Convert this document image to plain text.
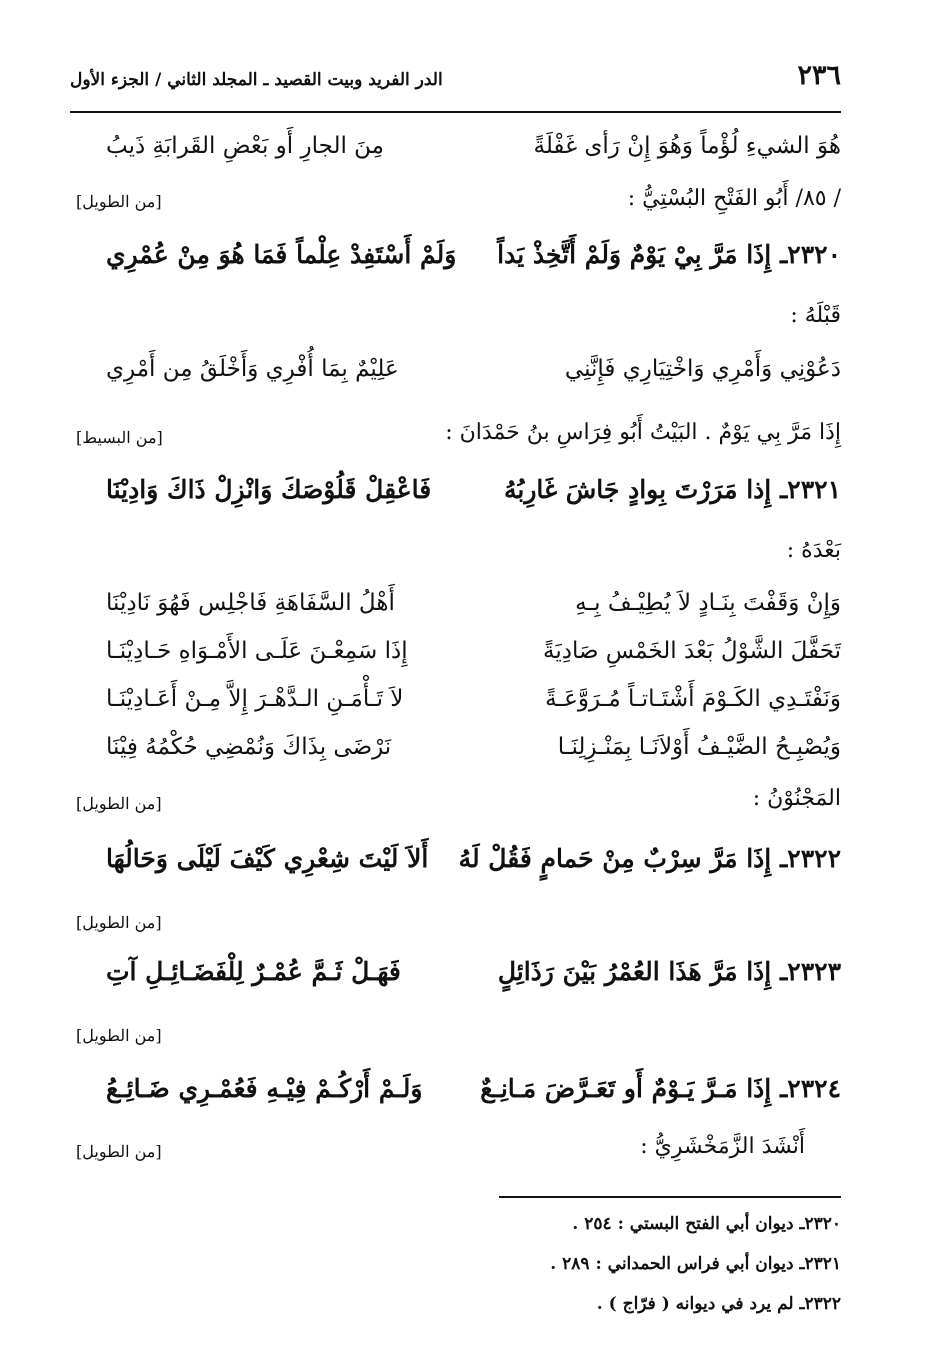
٢٣٦
الدر الفريد وبيت القصيد ـ المجلد الثاني / الجزء الأول
هُوَ الشيءِ لُؤْماً وَهُوَ إِنْ رَأى غَفْلَةً
مِنَ الجارِ أَو بَعْضِ القَرابَةِ ذَيبُ
/ ٨٥/ أَبُو الفَتْحِ البُسْتِيُّ :
[من الطويل]
٢٣٢٠ـ إِذَا مَرَّ بِيْ يَوْمٌ وَلَمْ أَتَّخِذْ يَداً
وَلَمْ أَسْتَفِدْ عِلْماً فَمَا هُوَ مِنْ عُمْرِي
قَبْلَهُ :
دَعُوْنِي وَأَمْرِي وَاخْتِيَارِي فَإِنَّنِي
عَلِيْمٌ بِمَا أُفْرِي وَأَخْلَقُ مِن أَمْرِي
إِذَا مَرَّ بِي يَوْمٌ . البَيْتُ أَبُو فِرَاسِ بنُ حَمْدَانَ :
[من البسيط]
٢٣٢١ـ إِذا مَرَرْتَ بِوادٍ جَاشَ غَارِبُهُ
فَاعْقِلْ قَلُوْصَكَ وَانْزِلْ ذَاكَ وَادِيْنَا
بَعْدَهُ :
وَإِنْ وَقَفْتَ بِنَـادٍ لاَ يُطِيْـفُ بِـهِ
أَهْلُ السَّفَاهَةِ فَاجْلِس فَهُوَ نَادِيْنَا
تَحَفَّلَ الشَّوْلُ بَعْدَ الخَمْسِ صَادِيَةً
إِذَا سَمِعْـنَ عَلَـى الأَمْـوَاهِ حَـادِيْنَـا
وَنَفْتَـدِي الكَـوْمَ أَشْتَـاتـاً مُـرَوَّعَـةً
لاَ تَـأْمَـنِ الـدَّهْـرَ إِلاَّ مِـنْ أَعَـادِيْنَـا
وَيُصْبِـحُ الضَّيْـفُ أَوْلاَنَـا بِمَنْـزِلِنَـا
نَرْضَى بِذَاكَ وَنُمْضِي حُكْمُهُ فِيْنَا
المَجْنُوْنُ :
[من الطويل]
٢٣٢٢ـ إِذَا مَرَّ سِرْبٌ مِنْ حَمامٍ فَقُلْ لَهُ
أَلاَ لَيْتَ شِعْرِي كَيْفَ لَيْلَى وَحَالُهَا
[من الطويل]
٢٣٢٣ـ إِذَا مَرَّ هَذَا العُمْرُ بَيْنَ رَذَائِلٍ
فَهَـلْ ثَـمَّ عُمْـرٌ لِلْفَضَـائِـلِ آتِ
[من الطويل]
٢٣٢٤ـ إِذَا مَـرَّ يَـوْمٌ أَو تَعَـرَّضَ مَـانِـعٌ
وَلَـمْ أَرْكُـمْ فِيْـهِ فَعُمْـرِي ضَـائِـعُ
أَنْشَدَ الزَّمَخْشَرِيُّ :
[من الطويل]
٢٣٢٠ـ ديوان أبي الفتح البستي : ٢٥٤ .
٢٣٢١ـ ديوان أبي فراس الحمداني : ٢٨٩ .
٢٣٢٢ـ لم يرد في ديوانه ( فرّاج ) .
